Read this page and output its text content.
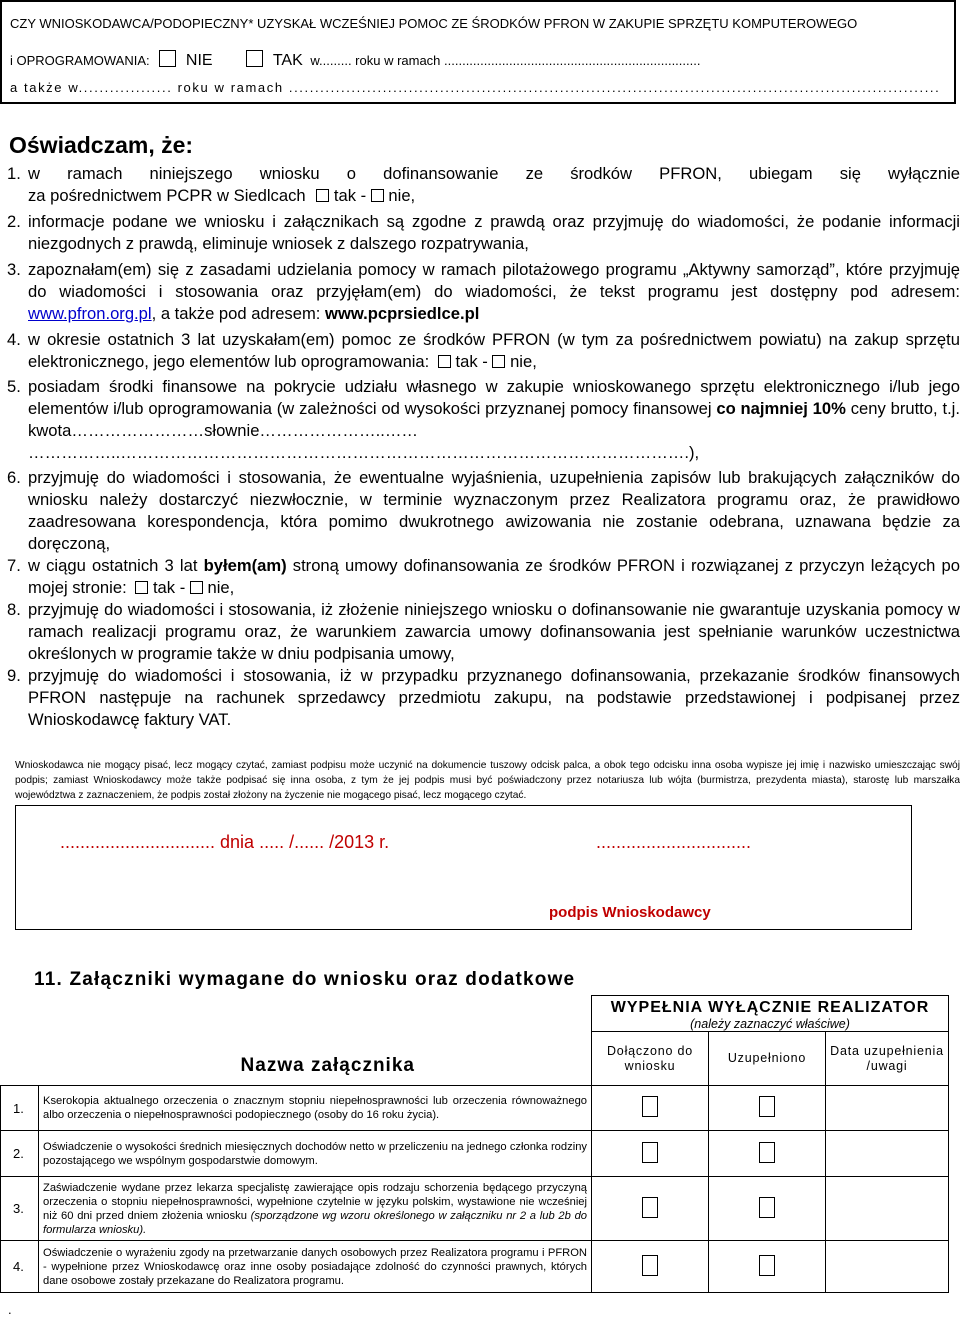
CZY WNIOSKODAWCA/PODOPIECZNY* UZYSKAŁ WCZEŚNIEJ POMOC ZE ŚRODKÓW PFRON W ZAKUPIE SPRZĘTU KOMPUTEROWEGO
i OPROGRAMOWANIA: NIE	TAK w......... roku w ramach .......................................................................
a także w.................. roku w ramach .............................................................................................................................
Oświadczam, że:
1. w ramach niniejszego wniosku o dofinansowanie ze środków PFRON, ubiegam się wyłącznie
za pośrednictwem PCPR w Siedlcach tak - nie,
2. informacje podane we wniosku i załącznikach są zgodne z prawdą oraz przyjmuję do wiadomości, że podanie informacji niezgodnych z prawdą, eliminuje wniosek z dalszego rozpatrywania,
3. zapoznałam(em) się z zasadami udzielania pomocy w ramach pilotażowego programu „Aktywny samorząd”, które przyjmuję do wiadomości i stosowania oraz przyjęłam(em) do wiadomości, że tekst programu jest dostępny pod adresem: www.pfron.org.pl, a także pod adresem: www.pcprsiedlce.pl
4. w okresie ostatnich 3 lat uzyskałam(em) pomoc ze środków PFRON (w tym za pośrednictwem powiatu) na zakup sprzętu elektronicznego, jego elementów lub oprogramowania: tak - nie,
5. posiadam środki finansowe na pokrycie udziału własnego w zakupie wnioskowanego sprzętu elektronicznego i/lub jego elementów i/lub oprogramowania (w zależności od wysokości przyznanej pomocy finansowej co najmniej 10% ceny brutto, t.j. kwota……………………słownie…………………..……
……………..………………………………………………………………………………………….),
6. przyjmuję do wiadomości i stosowania, że ewentualne wyjaśnienia, uzupełnienia zapisów lub brakujących załączników do wniosku należy dostarczyć niezwłocznie, w terminie wyznaczonym przez Realizatora programu oraz, że prawidłowo zaadresowana korespondencja, która pomimo dwukrotnego awizowania nie zostanie odebrana, uznawana będzie za doręczoną,
7. w ciągu ostatnich 3 lat byłem(am) stroną umowy dofinansowania ze środków PFRON i rozwiązanej z przyczyn leżących po mojej stronie: tak - nie,
8. przyjmuję do wiadomości i stosowania, iż złożenie niniejszego wniosku o dofinansowanie nie gwarantuje uzyskania pomocy w ramach realizacji programu oraz, że warunkiem zawarcia umowy dofinansowania jest spełnianie warunków uczestnictwa określonych w programie także w dniu podpisania umowy,
9. przyjmuję do wiadomości i stosowania, iż w przypadku przyznanego dofinansowania, przekazanie środków finansowych PFRON następuje na rachunek sprzedawcy przedmiotu zakupu, na podstawie przedstawionej i podpisanej przez Wnioskodawcę faktury VAT.
Wnioskodawca nie mogący pisać, lecz mogący czytać, zamiast podpisu może uczynić na dokumencie tuszowy odcisk palca, a obok tego odcisku inna osoba wypisze jej imię i nazwisko umieszczając swój podpis; zamiast Wnioskodawcy może także podpisać się inna osoba, z tym że jej podpis musi być poświadczony przez notariusza lub wójta (burmistrza, prezydenta miasta), starostę lub marszałka województwa z zaznaczeniem, że podpis został złożony na życzenie nie mogącego pisać, lecz mogącego czytać.
............................... dnia ..... /...... /2013 r.	...............................
podpis Wnioskodawcy
11. Załączniki wymagane do wniosku oraz dodatkowe
Nazwa załącznika		WYPEŁNIA WYŁĄCZNIE REALIZATOR
(należy zaznaczyć właściwe)		

		Dołączono do wniosku	Uzupełniono	Data uzupełnienia /uwagi
1.	Kserokopia aktualnego orzeczenia o znacznym stopniu niepełnosprawności lub orzeczenia równoważnego albo orzeczenia o niepełnosprawności podopiecznego (osoby do 16 roku życia).			
2.	Oświadczenie o wysokości średnich miesięcznych dochodów netto w przeliczeniu na jednego członka rodziny pozostającego we wspólnym gospodarstwie domowym.			
3.	Zaświadczenie wydane przez lekarza specjalistę zawierające opis rodzaju schorzenia będącego przyczyną orzeczenia o stopniu niepełnosprawności, wypełnione czytelnie w języku polskim, wystawione nie wcześniej niż 60 dni przed dniem złożenia wniosku (sporządzone wg wzoru określonego w załączniku nr 2 a lub 2b do formularza wniosku).			
4.	Oświadczenie o wyrażeniu zgody na przetwarzanie danych osobowych przez Realizatora programu i PFRON - wypełnione przez Wnioskodawcę oraz inne osoby posiadające zdolność do czynności prawnych, których dane osobowe zostały przekazane do Realizatora programu.			
.
